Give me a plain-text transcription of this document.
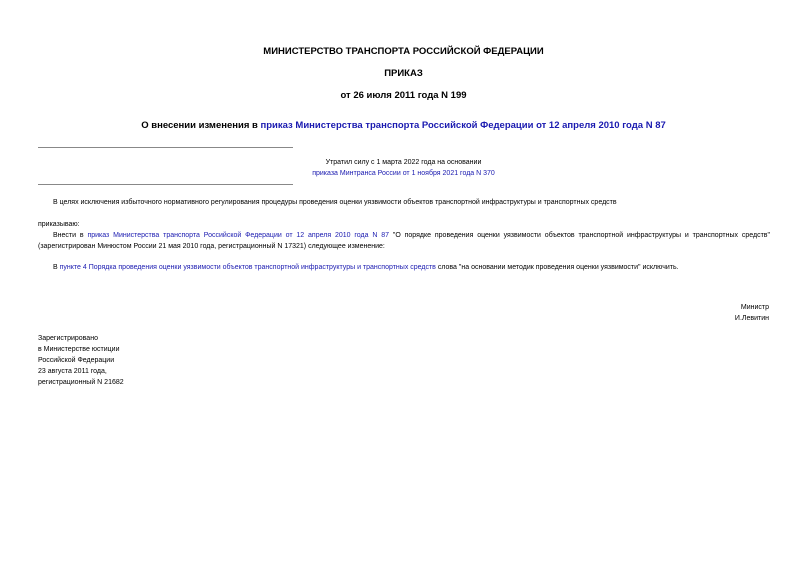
МИНИСТЕРСТВО ТРАНСПОРТА РОССИЙСКОЙ ФЕДЕРАЦИИ
ПРИКАЗ
от 26 июля 2011 года N 199
О внесении изменения в приказ Министерства транспорта Российской Федерации от 12 апреля 2010 года N 87
Утратил силу с 1 марта 2022 года на основании
приказа Минтранса России от 1 ноября 2021 года N 370
В целях исключения избыточного нормативного регулирования процедуры проведения оценки уязвимости объектов транспортной инфраструктуры и транспортных средств
приказываю:
Внести в приказ Министерства транспорта Российской Федерации от 12 апреля 2010 года N 87 "О порядке проведения оценки уязвимости объектов транспортной инфраструктуры и транспортных средств"
(зарегистрирован Минюстом России 21 мая 2010 года, регистрационный N 17321) следующее изменение:
В пункте 4 Порядка проведения оценки уязвимости объектов транспортной инфраструктуры и транспортных средств слова "на основании методик проведения оценки уязвимости" исключить.
Министр
И.Левитин
Зарегистрировано
в Министерстве юстиции
Российской Федерации
23 августа 2011 года,
регистрационный N 21682
